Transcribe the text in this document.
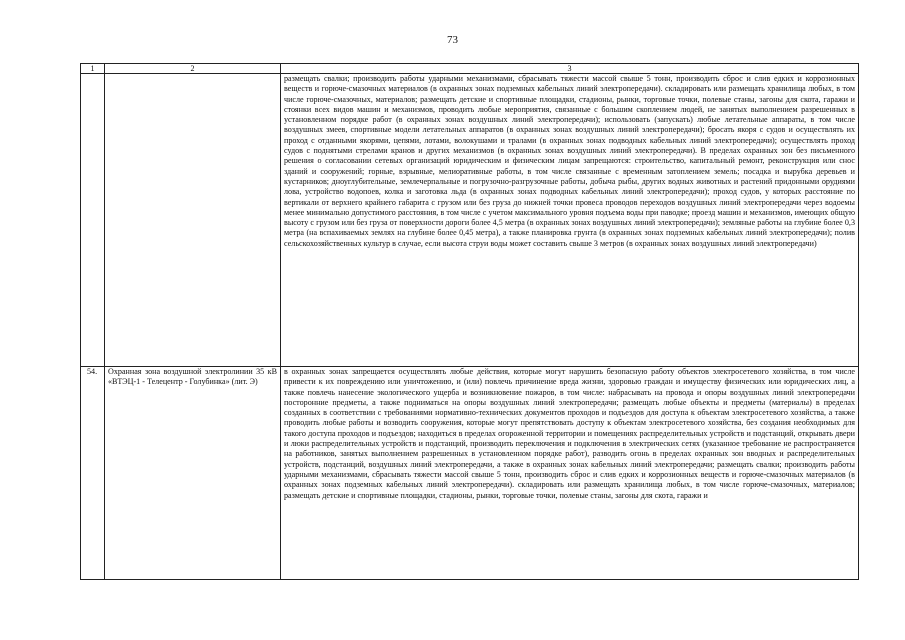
73
1	2	3

		размещать свалки; производить работы ударными механизмами, сбрасывать тяжести массой свыше 5 тонн, производить сброс и слив едких и коррозионных веществ и горюче-смазочных материалов (в охранных зонах подземных кабельных линий электропередачи). складировать или размещать хранилища любых, в том числе горюче-смазочных, материалов; размещать детские и спортивные площадки, стадионы, рынки, торговые точки, полевые станы, загоны для скота, гаражи и стоянки всех видов машин и механизмов, проводить любые мероприятия, связанные с большим скоплением людей, не занятых выполнением разрешенных в установленном порядке работ (в охранных зонах воздушных линий электропередачи); использовать (запускать) любые летательные аппараты, в том числе воздушных змеев, спортивные модели летательных аппаратов (в охранных зонах воздушных линий электропередачи); бросать якоря с судов и осуществлять их проход с отданными якорями, цепями, лотами, волокушами и тралами (в охранных зонах подводных кабельных линий электропередачи); осуществлять проход судов с поднятыми стрелами кранов и других механизмов (в охранных зонах воздушных линий электропередачи). В пределах охранных зон без письменного решения о согласовании сетевых организаций юридическим и физическим лицам запрещаются: строительство, капитальный ремонт, реконструкция или снос зданий и сооружений; горные, взрывные, мелиоративные работы, в том числе связанные с временным затоплением земель; посадка и вырубка деревьев и кустарников; дноуглубительные, землечерпальные и погрузочно-разгрузочные работы, добыча рыбы, других водных животных и растений придонными орудиями лова, устройство водопоев, колка и заготовка льда (в охранных зонах подводных кабельных линий электропередачи); проход судов, у которых расстояние по вертикали от верхнего крайнего габарита с грузом или без груза до нижней точки провеса проводов переходов воздушных линий электропередачи через водоемы менее минимально допустимого расстояния, в том числе с учетом максимального уровня подъема воды при паводке; проезд машин и механизмов, имеющих общую высоту с грузом или без груза от поверхности дороги более 4,5 метра (в охранных зонах воздушных линий электропередачи); земляные работы на глубине более 0,3 метра (на вспахиваемых землях на глубине более 0,45 метра), а также планировка грунта (в охранных зонах подземных кабельных линий электропередачи); полив сельскохозяйственных культур в случае, если высота струи воды может составить свыше 3 метров (в охранных зонах воздушных линий электропередачи)

54.	Охранная зона воздушной электролинии 35 кВ «ВТЭЦ-1 - Телецентр - Голубинка» (лит. Э)	в охранных зонах запрещается осуществлять любые действия, которые могут нарушить безопасную работу объектов электросетевого хозяйства, в том числе привести к их повреждению или уничтожению, и (или) повлечь причинение вреда жизни, здоровью граждан и имуществу физических или юридических лиц, а также повлечь нанесение экологического ущерба и возникновение пожаров, в том числе: набрасывать на провода и опоры воздушных линий электропередачи посторонние предметы, а также подниматься на опоры воздушных линий электропередачи; размещать любые объекты и предметы (материалы) в пределах созданных в соответствии с требованиями нормативно-технических документов проходов и подъездов для доступа к объектам электросетевого хозяйства, а также проводить любые работы и возводить сооружения, которые могут препятствовать доступу к объектам электросетевого хозяйства, без создания необходимых для такого доступа проходов и подъездов; находиться в пределах огороженной территории и помещениях распределительных устройств и подстанций, открывать двери и люки распределительных устройств и подстанций, производить переключения и подключения в электрических сетях (указанное требование не распространяется на работников, занятых выполнением разрешенных в установленном порядке работ), разводить огонь в пределах охранных зон вводных и распределительных устройств, подстанций, воздушных линий электропередачи, а также в охранных зонах кабельных линий электропередачи; размещать свалки; производить работы ударными механизмами, сбрасывать тяжести массой свыше 5 тонн, производить сброс и слив едких и коррозионных веществ и горюче-смазочных материалов (в охранных зонах подземных кабельных линий электропередачи). складировать или размещать хранилища любых, в том числе горюче-смазочных, материалов; размещать детские и спортивные площадки, стадионы, рынки, торговые точки, полевые станы, загоны для скота, гаражи и
